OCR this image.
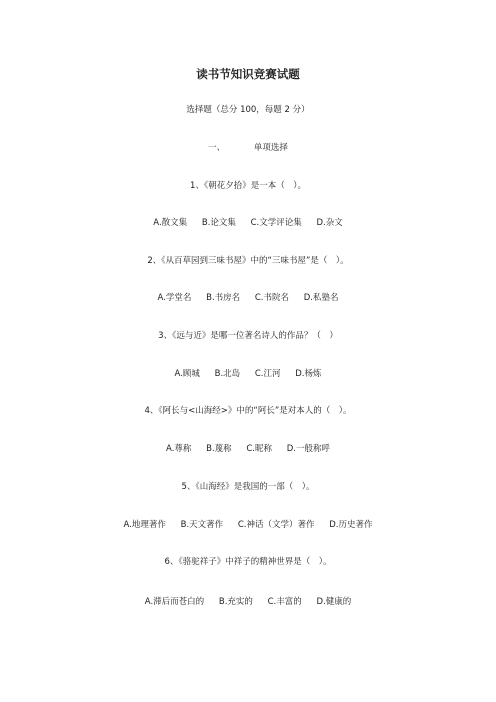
读书节知识竞赛试题
选择题（总分 100，每题 2 分）
一、	单项选择
1、《朝花夕拾》是一本（　）。
A.散文集 B.论文集 C.文学评论集 D.杂文
2、《从百草园到三味书屋》中的“三味书屋”是（　）。
A.学堂名 B.书房名 C.书院名 D.私塾名
3、《远与近》是哪一位著名诗人的作品？（　）
A.顾城 B.北岛 C.江河 D.杨炼
4、《阿长与<山海经>》中的“阿长”是对本人的（　）。
A.尊称 B.蔑称 C.昵称 D.一般称呼
5、《山海经》是我国的一部（　）。
A.地理著作 B.天文著作 C.神话（文学）著作 D.历史著作
6、《骆驼祥子》中祥子的精神世界是（　）。
A.滞后而苍白的 B.充实的 C.丰富的 D.健康的
